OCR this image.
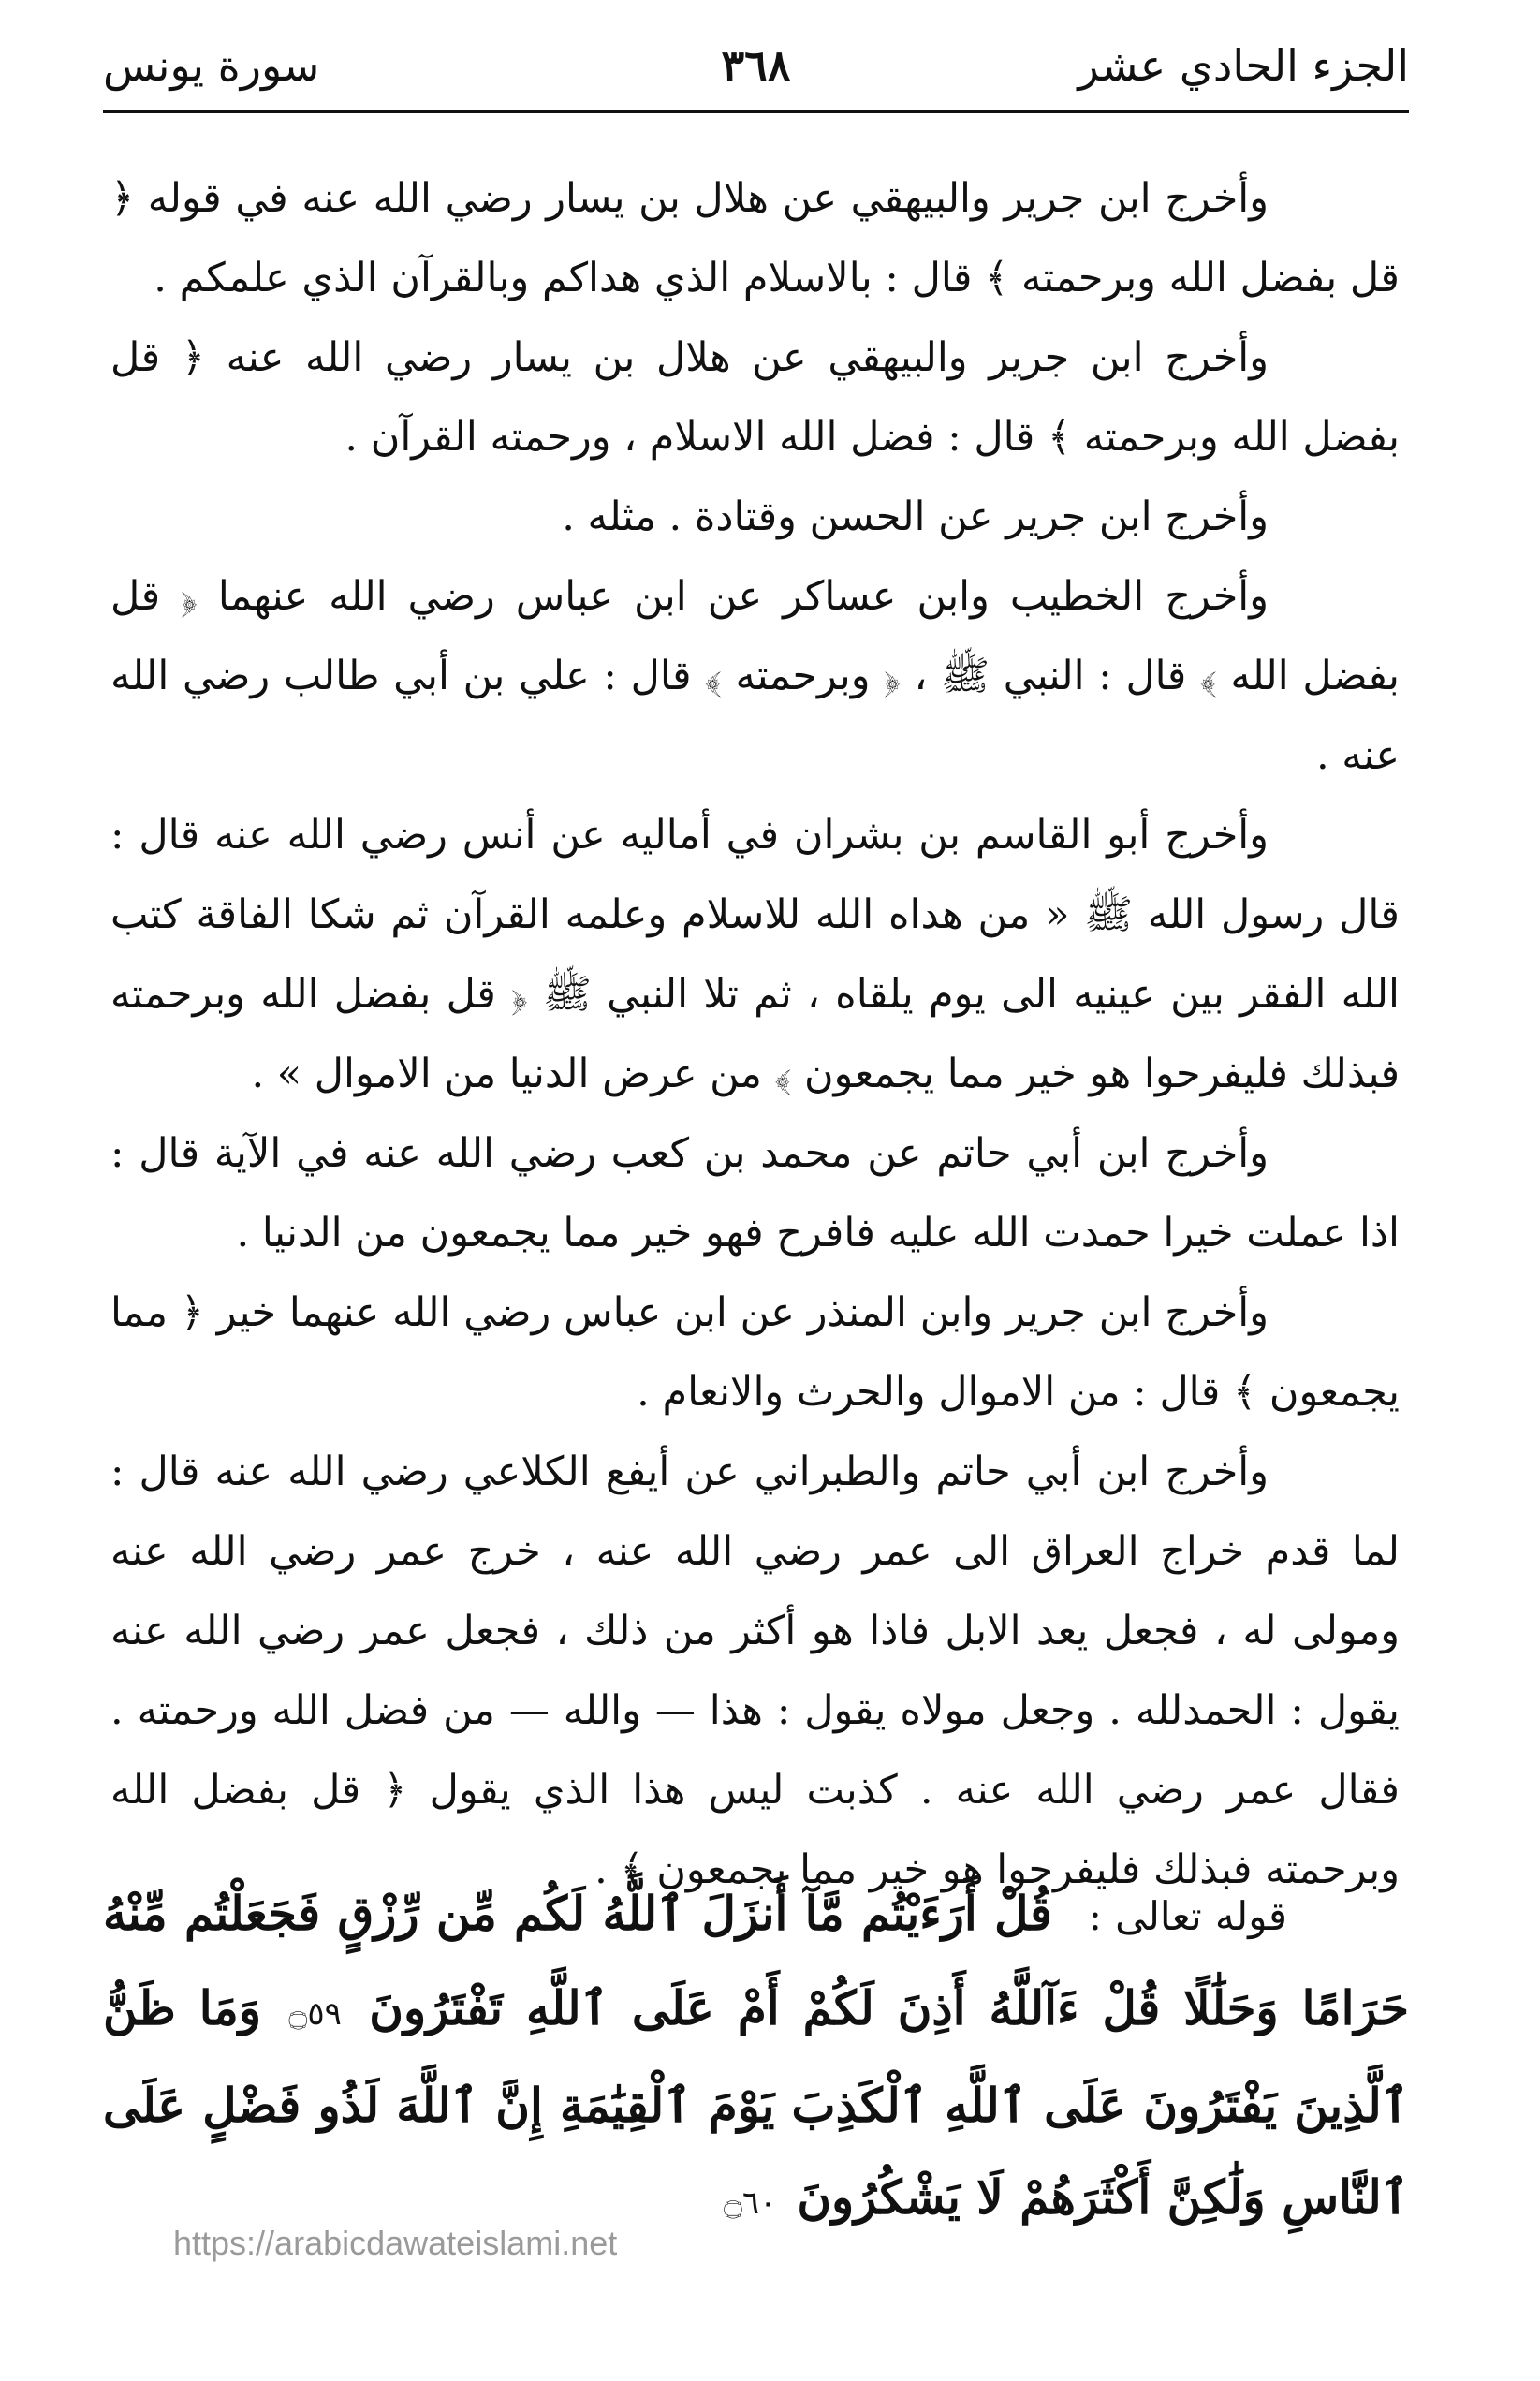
الجزء الحادي عشر
٣٦٨
سورة يونس

وأخرج ابن جرير والبيهقي عن هلال بن يسار رضي الله عنه في قوله ﴿ قل بفضل الله وبرحمته ﴾ قال : بالاسلام الذي هداكم وبالقرآن الذي علمكم .

وأخرج ابن جرير والبيهقي عن هلال بن يسار رضي الله عنه ﴿ قل بفضل الله وبرحمته ﴾ قال : فضل الله الاسلام ، ورحمته القرآن .

وأخرج ابن جرير عن الحسن وقتادة . مثله .

وأخرج الخطيب وابن عساكر عن ابن عباس رضي الله عنهما ﴿ قل بفضل الله ﴾ قال : النبي ﷺ ، ﴿ وبرحمته ﴾ قال : علي بن أبي طالب رضي الله عنه .

وأخرج أبو القاسم بن بشران في أماليه عن أنس رضي الله عنه قال : قال رسول الله ﷺ « من هداه الله للاسلام وعلمه القرآن ثم شكا الفاقة كتب الله الفقر بين عينيه الى يوم يلقاه ، ثم تلا النبي ﷺ ﴿ قل بفضل الله وبرحمته فبذلك فليفرحوا هو خير مما يجمعون ﴾ من عرض الدنيا من الاموال » .

وأخرج ابن أبي حاتم عن محمد بن كعب رضي الله عنه في الآية قال : اذا عملت خيرا حمدت الله عليه فافرح فهو خير مما يجمعون من الدنيا .

وأخرج ابن جرير وابن المنذر عن ابن عباس رضي الله عنهما خير ﴿ مما يجمعون ﴾ قال : من الاموال والحرث والانعام .

وأخرج ابن أبي حاتم والطبراني عن أيفع الكلاعي رضي الله عنه قال : لما قدم خراج العراق الى عمر رضي الله عنه ، خرج عمر رضي الله عنه ومولى له ، فجعل يعد الابل فاذا هو أكثر من ذلك ، فجعل عمر رضي الله عنه يقول : الحمدلله . وجعل مولاه يقول : هذا — والله — من فضل الله ورحمته . فقال عمر رضي الله عنه . كذبت ليس هذا الذي يقول ﴿ قل بفضل الله وبرحمته فبذلك فليفرحوا هو خير مما يجمعون ﴾ .

قوله تعالى : قُلْ أَرَءَيْتُم مَّآ أَنزَلَ ٱللَّهُ لَكُم مِّن رِّزْقٍ فَجَعَلْتُم مِّنْهُ حَرَامًا وَحَلَٰلًا قُلْ ءَآللَّهُ أَذِنَ لَكُمْ أَمْ عَلَى ٱللَّهِ تَفْتَرُونَ ۝٥٩ وَمَا ظَنُّ ٱلَّذِينَ يَفْتَرُونَ عَلَى ٱللَّهِ ٱلْكَذِبَ يَوْمَ ٱلْقِيَٰمَةِ إِنَّ ٱللَّهَ لَذُو فَضْلٍ عَلَى ٱلنَّاسِ وَلَٰكِنَّ أَكْثَرَهُمْ لَا يَشْكُرُونَ ۝٦٠
https://arabicdawateislami.net
